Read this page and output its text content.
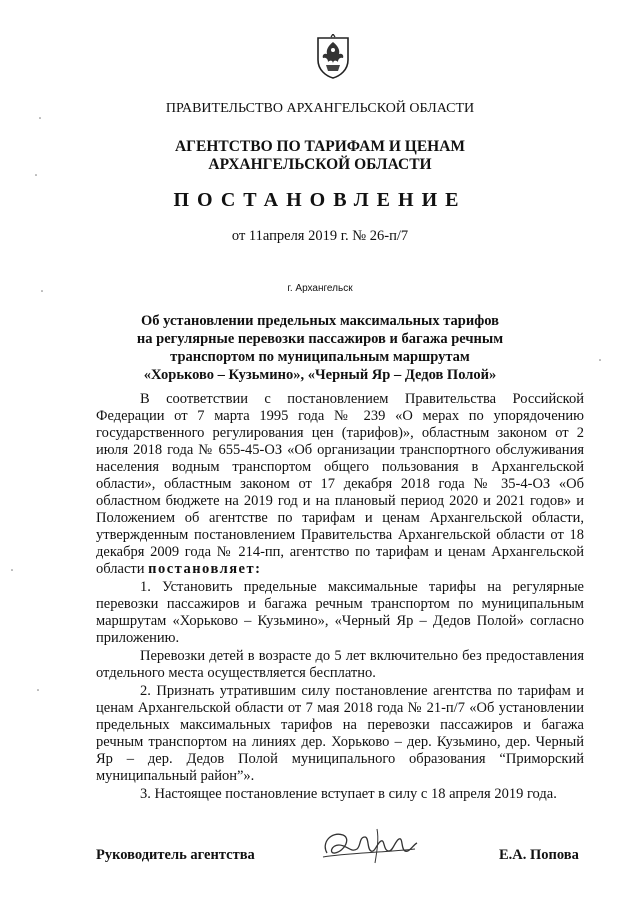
ПРАВИТЕЛЬСТВО АРХАНГЕЛЬСКОЙ ОБЛАСТИ
АГЕНТСТВО ПО ТАРИФАМ И ЦЕНАМ
АРХАНГЕЛЬСКОЙ ОБЛАСТИ
ПОСТАНОВЛЕНИЕ
от 11апреля 2019 г. № 26-п/7
г. Архангельск
Об установлении предельных максимальных тарифов
на регулярные перевозки пассажиров и багажа речным
транспортом по муниципальным маршрутам
«Хорьково – Кузьмино», «Черный Яр – Дедов Полой»

В соответствии с постановлением Правительства Российской Федерации от 7 марта 1995 года № 239 «О мерах по упорядочению государственного регулирования цен (тарифов)», областным законом от 2 июля 2018 года № 655-45-ОЗ «Об организации транспортного обслуживания населения водным транспортом общего пользования в Архангельской области», областным законом от 17 декабря 2018 года № 35-4-ОЗ «Об областном бюджете на 2019 год и на плановый период 2020 и 2021 годов» и Положением об агентстве по тарифам и ценам Архангельской области, утвержденным постановлением Правительства Архангельской области от 18 декабря 2009 года № 214-пп, агентство по тарифам и ценам Архангельской области постановляет:

1. Установить предельные максимальные тарифы на регулярные перевозки пассажиров и багажа речным транспортом по муниципальным маршрутам «Хорьково – Кузьмино», «Черный Яр – Дедов Полой» согласно приложению.

Перевозки детей в возрасте до 5 лет включительно без предоставления отдельного места осуществляется бесплатно.

2. Признать утратившим силу постановление агентства по тарифам и ценам Архангельской области от 7 мая 2018 года № 21-п/7 «Об установлении предельных максимальных тарифов на перевозки пассажиров и багажа речным транспортом на линиях дер. Хорьково – дер. Кузьмино, дер. Черный Яр – дер. Дедов Полой муниципального образования “Приморский муниципальный район”».

3. Настоящее постановление вступает в силу с 18 апреля 2019 года.

Руководитель агентства	Е.А. Попова
